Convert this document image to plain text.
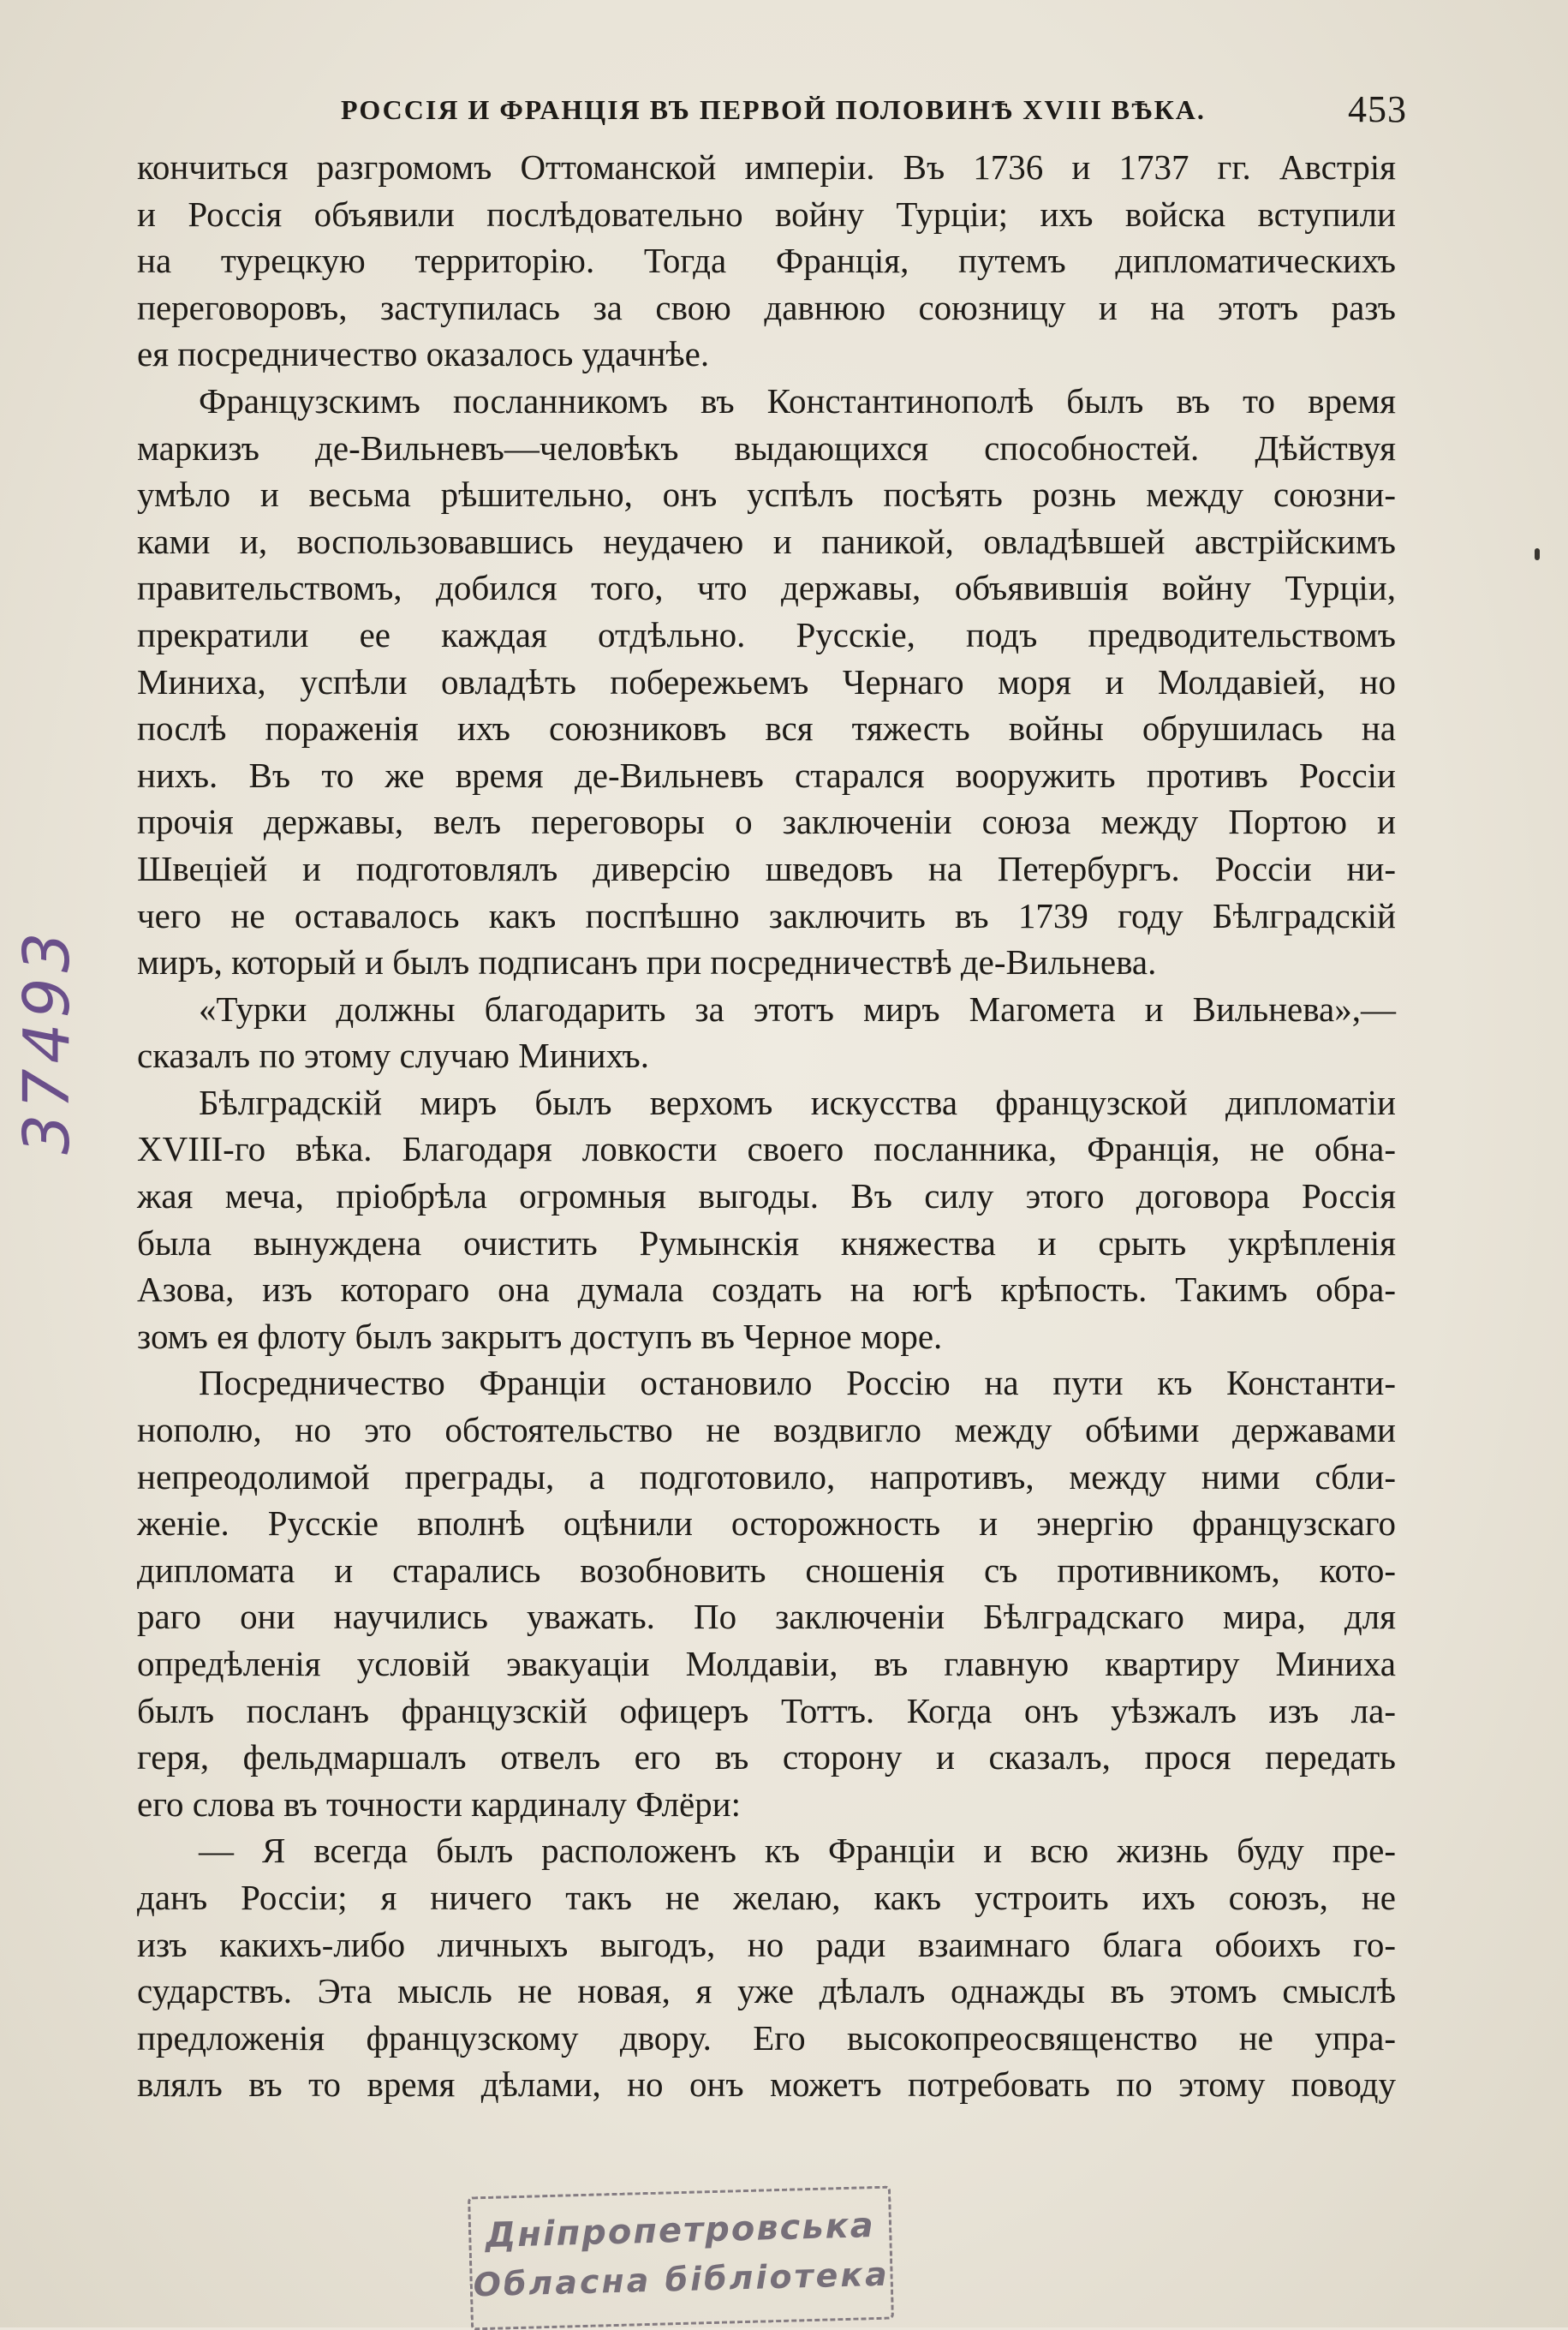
РОССІЯ И ФРАНЦІЯ ВЪ ПЕРВОЙ ПОЛОВИНѢ XVIII ВѢКА.	453
кончиться разгромомъ Оттоманской имперіи. Въ 1736 и 1737 гг. Австрія
и Россія объявили послѣдовательно войну Турціи; ихъ войска вступили
на турецкую территорію. Тогда Франція, путемъ дипломатическихъ
переговоровъ, заступилась за свою давнюю союзницу и на этотъ разъ
ея посредничество оказалось удачнѣе.
Французскимъ посланникомъ въ Константинополѣ былъ въ то время
маркизъ де-Вильневъ—человѣкъ выдающихся способностей. Дѣйствуя
умѣло и весьма рѣшительно, онъ успѣлъ посѣять рознь между союзни-
ками и, воспользовавшись неудачею и паникой, овладѣвшей австрійскимъ
правительствомъ, добился того, что державы, объявившія войну Турціи,
прекратили ее каждая отдѣльно. Русскіе, подъ предводительствомъ
Миниха, успѣли овладѣть побережьемъ Чернаго моря и Молдавіей, но
послѣ пораженія ихъ союзниковъ вся тяжесть войны обрушилась на
нихъ. Въ то же время де-Вильневъ старался вооружить противъ Россіи
прочія державы, велъ переговоры о заключеніи союза между Портою и
Швеціей и подготовлялъ диверсію шведовъ на Петербургъ. Россіи ни-
чего не оставалось какъ поспѣшно заключить въ 1739 году Бѣлградскій
миръ, который и былъ подписанъ при посредничествѣ де-Вильнева.
«Турки должны благодарить за этотъ миръ Магомета и Вильнева»,—
сказалъ по этому случаю Минихъ.
Бѣлградскій миръ былъ верхомъ искусства французской дипломатіи
XVIII-го вѣка. Благодаря ловкости своего посланника, Франція, не обна-
жая меча, пріобрѣла огромныя выгоды. Въ силу этого договора Россія
была вынуждена очистить Румынскія княжества и срыть укрѣпленія
Азова, изъ котораго она думала создать на югѣ крѣпость. Такимъ обра-
зомъ ея флоту былъ закрытъ доступъ въ Черное море.
Посредничество Франціи остановило Россію на пути къ Константи-
нополю, но это обстоятельство не воздвигло между обѣими державами
непреодолимой преграды, а подготовило, напротивъ, между ними сбли-
женіе. Русскіе вполнѣ оцѣнили осторожность и энергію французскаго
дипломата и старались возобновить сношенія съ противникомъ, кото-
раго они научились уважать. По заключеніи Бѣлградскаго мира, для
опредѣленія условій эвакуаціи Молдавіи, въ главную квартиру Миниха
былъ посланъ французскій офицеръ Тоттъ. Когда онъ уѣзжалъ изъ ла-
геря, фельдмаршалъ отвелъ его въ сторону и сказалъ, прося передать
его слова въ точности кардиналу Флёри:
— Я всегда былъ расположенъ къ Франціи и всю жизнь буду пре-
данъ Россіи; я ничего такъ не желаю, какъ устроить ихъ союзъ, не
изъ какихъ-либо личныхъ выгодъ, но ради взаимнаго блага обоихъ го-
сударствъ. Эта мысль не новая, я уже дѣлалъ однажды въ этомъ смыслѣ
предложенія французскому двору. Его высокопреосвященство не упра-
влялъ въ то время дѣлами, но онъ можетъ потребовать по этому поводу
37493
Днiпропетровська
Обласна бiблiотека
